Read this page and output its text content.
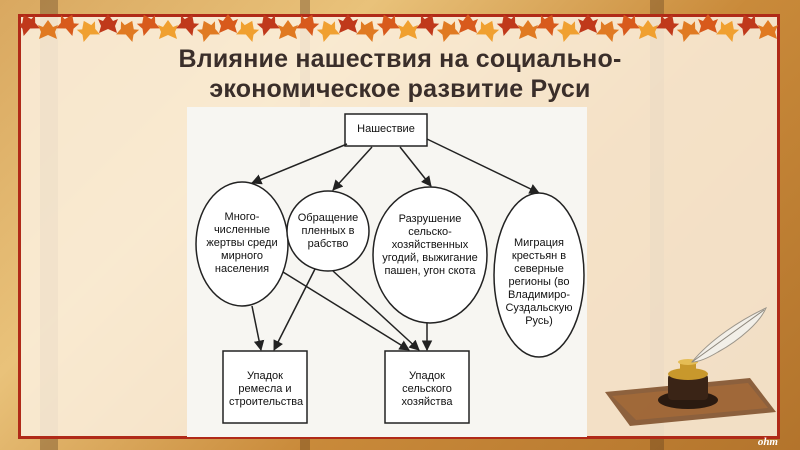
Влияние нашествия на социально-
экономическое развитие Руси
Нашествие
Много-численные жертвы среди мирного населения
Обращение пленных в рабство
Разрушение сельско-хозяйственных угодий, выжигание пашен, угон скота
Миграция крестьян в северные регионы (во Владимиро-Суздальскую Русь)
Упадок ремесла и строительства
Упадок сельского хозяйства
ohm
